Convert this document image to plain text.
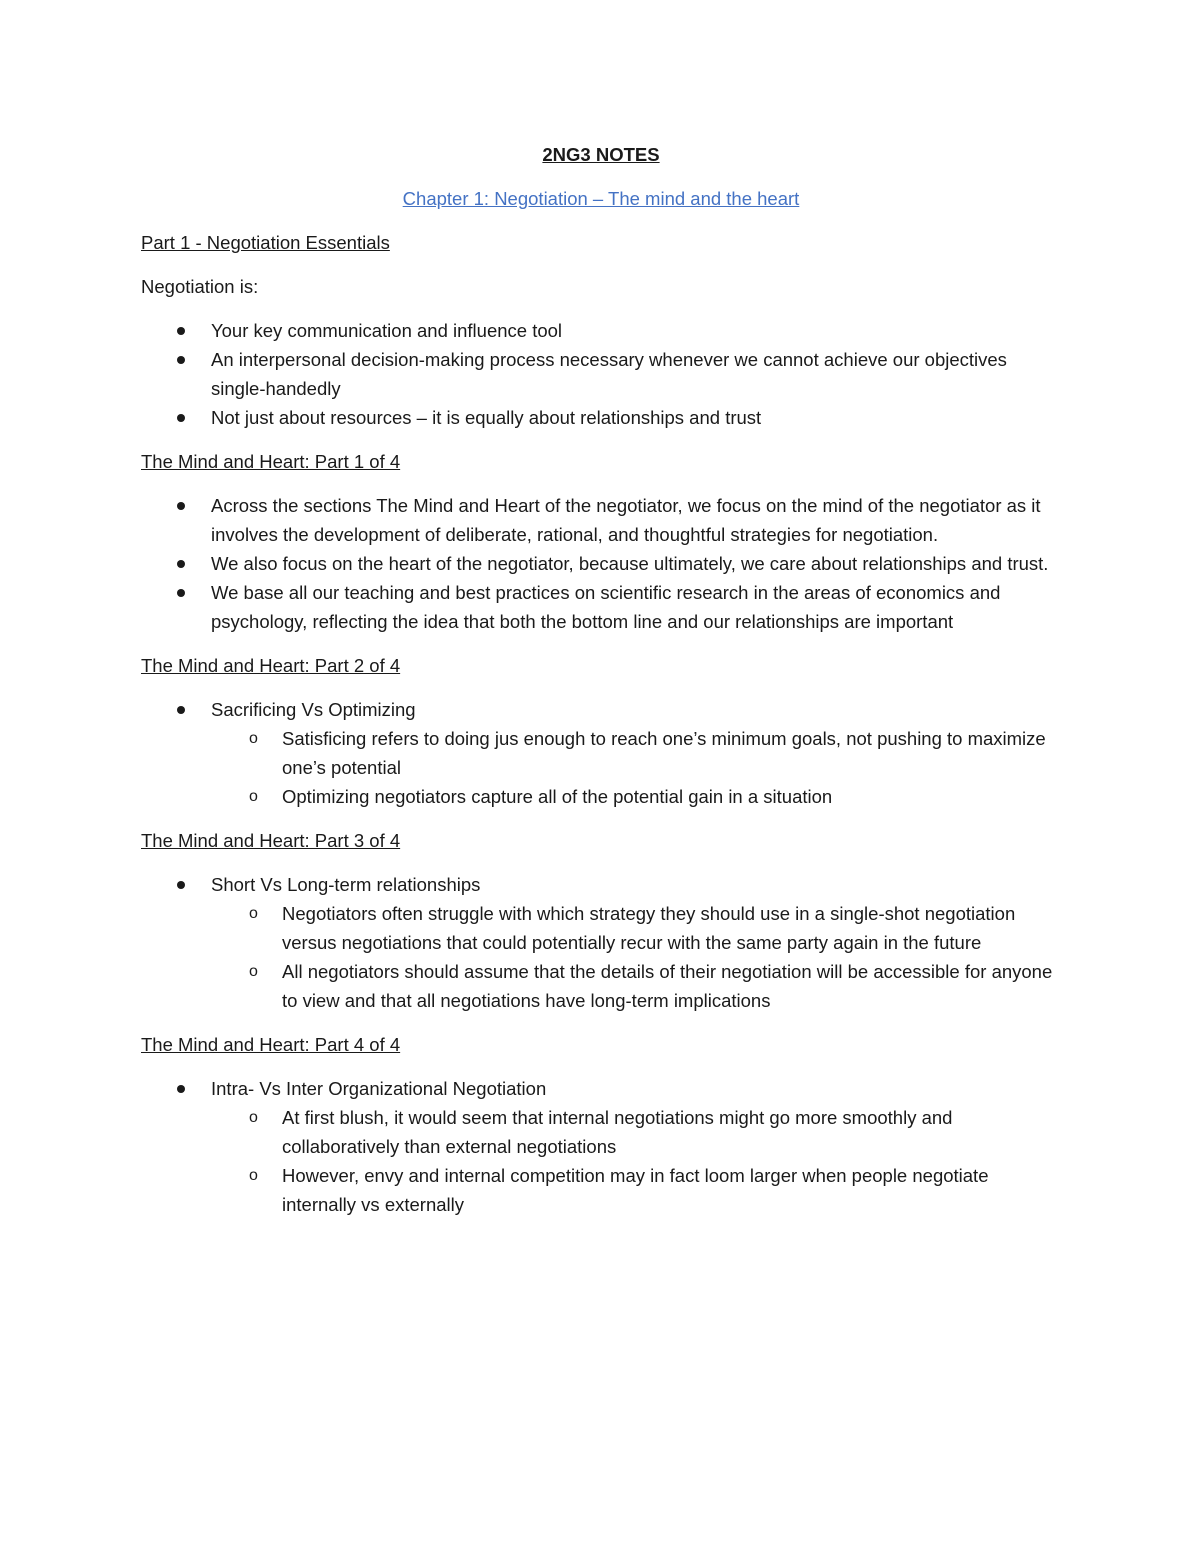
2NG3 NOTES
Chapter 1: Negotiation – The mind and the heart
Part 1 - Negotiation Essentials
Negotiation is:
Your key communication and influence tool
An interpersonal decision-making process necessary whenever we cannot achieve our objectives single-handedly
Not just about resources – it is equally about relationships and trust
The Mind and Heart: Part 1 of 4
Across the sections The Mind and Heart of the negotiator, we focus on the mind of the negotiator as it involves the development of deliberate, rational, and thoughtful strategies for negotiation.
We also focus on the heart of the negotiator, because ultimately, we care about relationships and trust.
We base all our teaching and best practices on scientific research in the areas of economics and psychology, reflecting the idea that both the bottom line and our relationships are important
The Mind and Heart: Part 2 of 4
Sacrificing Vs Optimizing
o Satisficing refers to doing jus enough to reach one’s minimum goals, not pushing to maximize one’s potential
o Optimizing negotiators capture all of the potential gain in a situation
The Mind and Heart: Part 3 of 4
Short Vs Long-term relationships
o Negotiators often struggle with which strategy they should use in a single-shot negotiation versus negotiations that could potentially recur with the same party again in the future
o All negotiators should assume that the details of their negotiation will be accessible for anyone to view and that all negotiations have long-term implications
The Mind and Heart: Part 4 of 4
Intra- Vs Inter Organizational Negotiation
o At first blush, it would seem that internal negotiations might go more smoothly and collaboratively than external negotiations
o However, envy and internal competition may in fact loom larger when people negotiate internally vs externally
